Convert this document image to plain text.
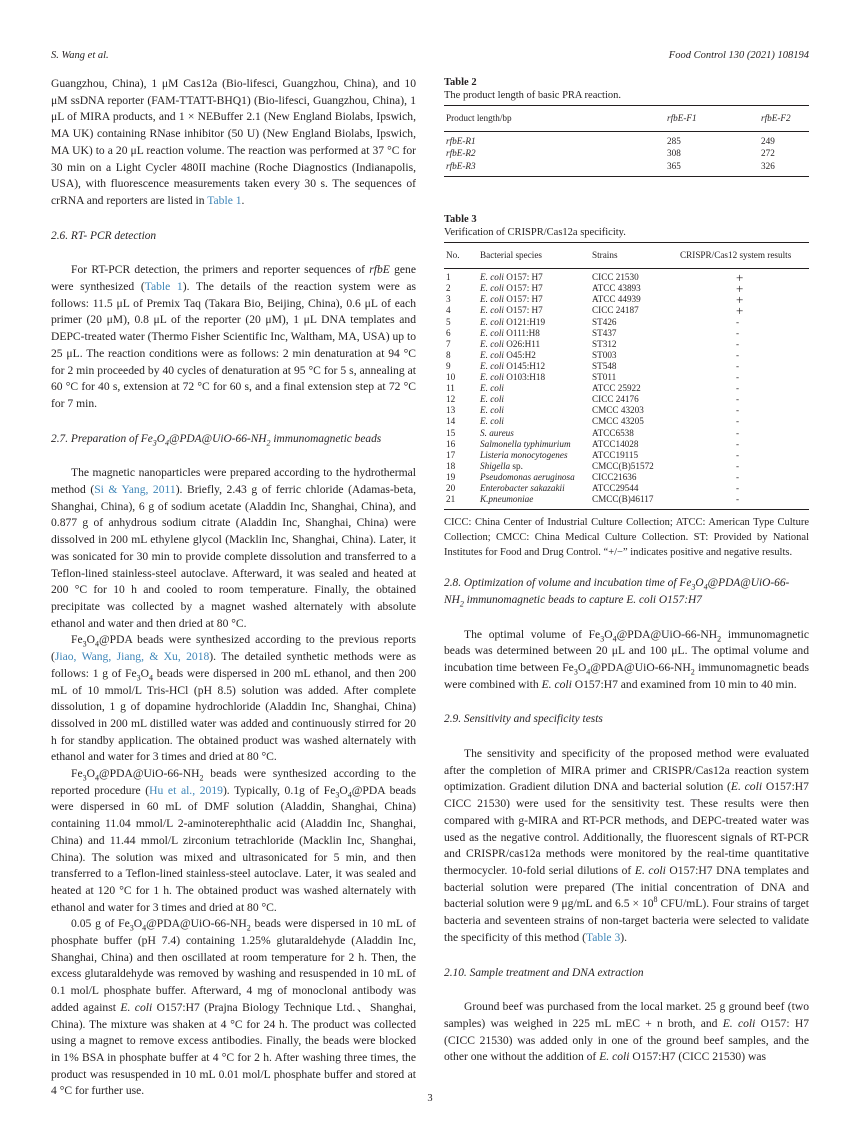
S. Wang et al.	Food Control 130 (2021) 108194

Guangzhou, China), 1 μM Cas12a (Bio-lifesci, Guangzhou, China), and 10 μM ssDNA reporter (FAM-TTATT-BHQ1) (Bio-lifesci, Guangzhou, China), 1 μL of MIRA products, and 1 × NEBuffer 2.1 (New England Biolabs, Ipswich, MA UK) containing RNase inhibitor (50 U) (New England Biolabs, Ipswich, MA UK) to a 20 μL reaction volume. The reaction was performed at 37 °C for 30 min on a Light Cycler 480II machine (Roche Diagnostics (Indianapolis, USA), with fluorescence measurements taken every 30 s. The sequences of crRNA and reporters are listed in Table 1.

2.6. RT- PCR detection

For RT-PCR detection, the primers and reporter sequences of rfbE gene were synthesized (Table 1). The details of the reaction system were as follows: 11.5 μL of Premix Taq (Takara Bio, Beijing, China), 0.6 μL of each primer (20 μM), 0.8 μL of the reporter (20 μM), 1 μL DNA templates and DEPC-treated water (Thermo Fisher Scientific Inc, Waltham, MA, USA) up to 25 μL. The reaction conditions were as follows: 2 min denaturation at 94 °C for 2 min proceeded by 40 cycles of denaturation at 95 °C for 5 s, annealing at 60 °C for 40 s, extension at 72 °C for 60 s, and a final extension step at 72 °C for 7 min.

2.7. Preparation of $Fe_3O_4@PDA@UiO-66-NH_2$ immunomagnetic beads

The magnetic nanoparticles were prepared according to the hydrothermal method (Si & Yang, 2011). Briefly, 2.43 g of ferric chloride (Adamas-beta, Shanghai, China), 6 g of sodium acetate (Aladdin Inc, Shanghai, China), and 0.877 g of anhydrous sodium citrate (Aladdin Inc, Shanghai, China) were dissolved in 200 mL ethylene glycol (Macklin Inc, Shanghai, China). Later, it was sonicated for 30 min to provide complete dissolution and transferred to a Teflon-lined stainless-steel autoclave. Afterward, it was sealed and heated at 200 °C for 10 h and cooled to room temperature. Finally, the obtained precipitate was collected by a magnet washed alternately with absolute ethanol and water and then dried at 80 °C.

$Fe_3O_4@PDA$ beads were synthesized according to the previous reports (Jiao, Wang, Jiang, & Xu, 2018). The detailed synthetic methods were as follows: 1 g of $Fe_3O_4$ beads were dispersed in 200 mL ethanol, and then 200 mL of 10 mmol/L Tris-HCl (pH 8.5) solution was added. After complete dissolution, 1 g of dopamine hydrochloride (Aladdin Inc, Shanghai, China) dissolved in 200 mL distilled water was added and continuously stirred for 20 h for standby application. The obtained product was washed alternately with ethanol and water for 3 times and dried at 80 °C.

$Fe_3O_4@PDA@UiO-66-NH_2$ beads were synthesized according to the reported procedure (Hu et al., 2019). Typically, 0.1g of $Fe_3O_4@PDA$ beads were dispersed in 60 mL of DMF solution (Aladdin, Shanghai, China) containing 11.04 mmol/L 2-aminoterephthalic acid (Aladdin Inc, Shanghai, China) and 11.44 mmol/L zirconium tetrachloride (Macklin Inc, Shanghai, China). The solution was mixed and ultrasonicated for 5 min, and then transferred to a Teflon-lined stainless-steel autoclave. Later, it was sealed and heated at 120 °C for 1 h. The obtained product was washed alternately with ethanol and water for 3 times and dried at 80 °C.

0.05 g of $Fe_3O_4@PDA@UiO-66-NH_2$ beads were dispersed in 10 mL of phosphate buffer (pH 7.4) containing 1.25% glutaraldehyde (Aladdin Inc, Shanghai, China) and then oscillated at room temperature for 2 h. Then, the excess glutaraldehyde was removed by washing and resuspended in 10 mL of 0.1 mol/L phosphate buffer. Afterward, 4 mg of monoclonal antibody was added against E. coli O157:H7 (Prajna Biology Technique Ltd.、Shanghai, China). The mixture was shaken at 4 °C for 24 h. The product was collected using a magnet to remove excess antibodies. Finally, the beads were blocked in 1% BSA in phosphate buffer at 4 °C for 2 h. After washing three times, the product was resuspended in 10 mL 0.01 mol/L phosphate buffer and stored at 4 °C for further use.

Table 2
The product length of basic PRA reaction.
Product length/bp	rfbE-F1	rfbE-F2
rfbE-R1	285	249
rfbE-R2	308	272
rfbE-R3	365	326
Table 3
Verification of CRISPR/Cas12a specificity.
No.	Bacterial species	Strains	CRISPR/Cas12 system results
1	E. coli O157: H7	CICC 21530	+
2	E. coli O157: H7	ATCC 43893	+
3	E. coli O157: H7	ATCC 44939	+
4	E. coli O157: H7	CICC 24187	+
5	E. coli O121:H19	ST426	-
6	E. coli O111:H8	ST437	-
7	E. coli O26:H11	ST312	-
8	E. coli O45:H2	ST003	-
9	E. coli O145:H12	ST548	-
10	E. coli O103:H18	ST011	-
11	E. coli	ATCC 25922	-
12	E. coli	CICC 24176	-
13	E. coli	CMCC 43203	-
14	E. coli	CMCC 43205	-
15	S. aureus	ATCC6538	-
16	Salmonella typhimurium	ATCC14028	-
17	Listeria monocytogenes	ATCC19115	-
18	Shigella sp.	CMCC(B)51572	-
19	Pseudomonas aeruginosa	CICC21636	-
20	Enterobacter sakazakii	ATCC29544	-
21	K.pneumoniae	CMCC(B)46117	-
CICC: China Center of Industrial Culture Collection; ATCC: American Type Culture Collection; CMCC: China Medical Culture Collection. ST: Provided by National Institutes for Food and Drug Control. “+/−” indicates positive and negative results.
2.8. Optimization of volume and incubation time of $Fe_3O_4@PDA@UiO-66-NH_2$ immunomagnetic beads to capture E. coli O157:H7

The optimal volume of $Fe_3O_4@PDA@UiO-66-NH_2$ immunomagnetic beads was determined between 20 μL and 100 μL. The optimal volume and incubation time between $Fe_3O_4@PDA@UiO-66-NH_2$ immunomagnetic beads were combined with E. coli O157:H7 and examined from 10 min to 40 min.

2.9. Sensitivity and specificity tests

The sensitivity and specificity of the proposed method were evaluated after the completion of MIRA primer and CRISPR/Cas12a reaction system optimization. Gradient dilution DNA and bacterial solution (E. coli O157:H7 CICC 21530) were used for the sensitivity test. These results were then compared with g-MIRA and RT-PCR methods, and DEPC-treated water was used as the negative control. Additionally, the fluorescent signals of RT-PCR and CRISPR/cas12a methods were monitored by the real-time quantitative thermocycler. 10-fold serial dilutions of E. coli O157:H7 DNA templates and bacterial solution were prepared (The initial concentration of DNA and bacterial solution were 9 μg/mL and $6.5 \times 10^8$ CFU/mL). Four strains of target bacteria and seventeen strains of non-target bacteria were selected to validate the specificity of this method (Table 3).

2.10. Sample treatment and DNA extraction

Ground beef was purchased from the local market. 25 g ground beef (two samples) was weighed in 225 mL mEC + n broth, and E. coli O157: H7 (CICC 21530) was added only in one of the ground beef samples, and the other one without the addition of E. coli O157:H7 (CICC 21530) was

3
